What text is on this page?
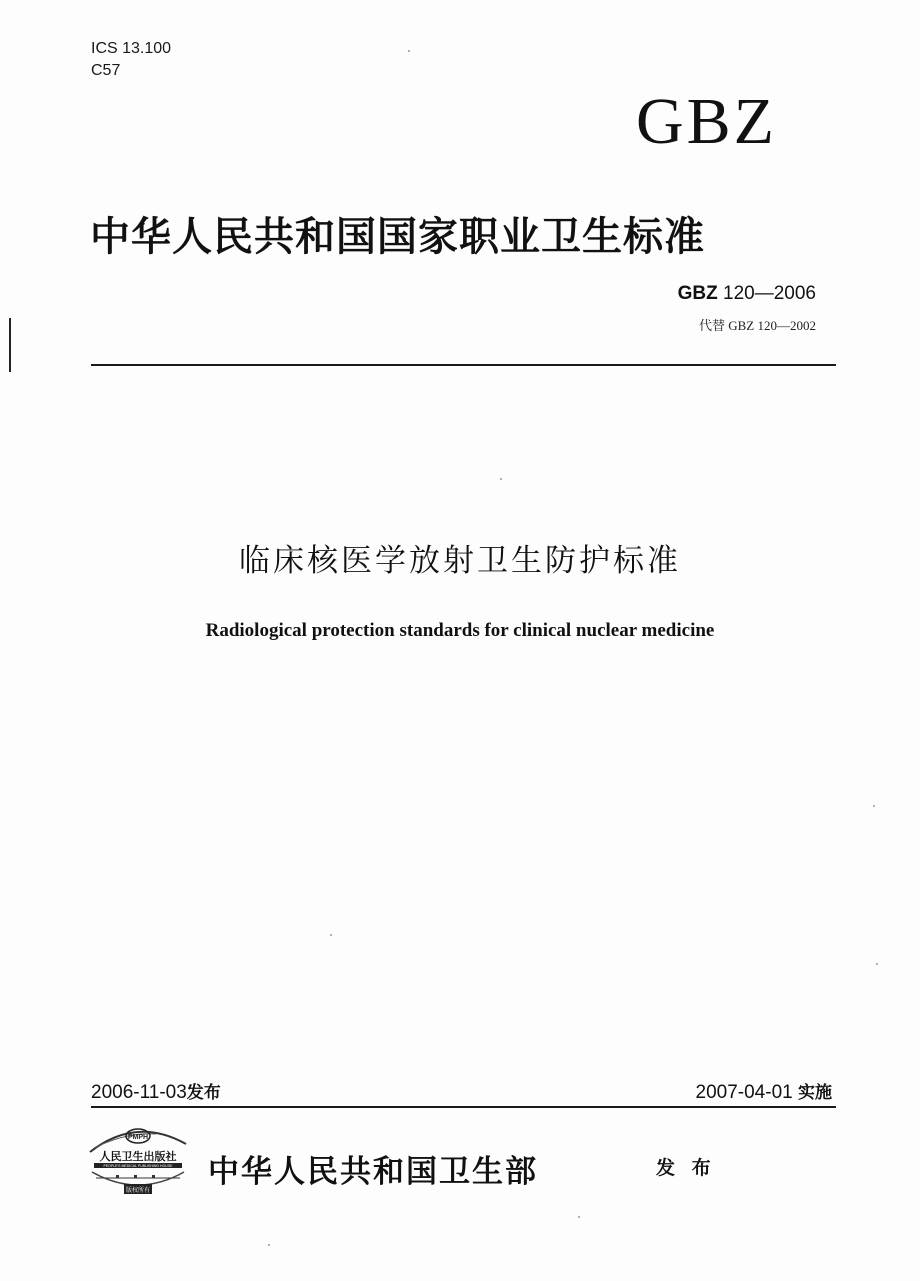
ICS 13.100
C57
GBZ
中华人民共和国国家职业卫生标准
GBZ 120—2006
代替 GBZ 120—2002
临床核医学放射卫生防护标准
Radiological protection standards for clinical nuclear medicine
2006-11-03发布	2007-04-01 实施
PMPH
人民卫生出版社
PEOPLE'S MEDICAL PUBLISHING HOUSE
版权所有
中华人民共和国卫生部	发 布
